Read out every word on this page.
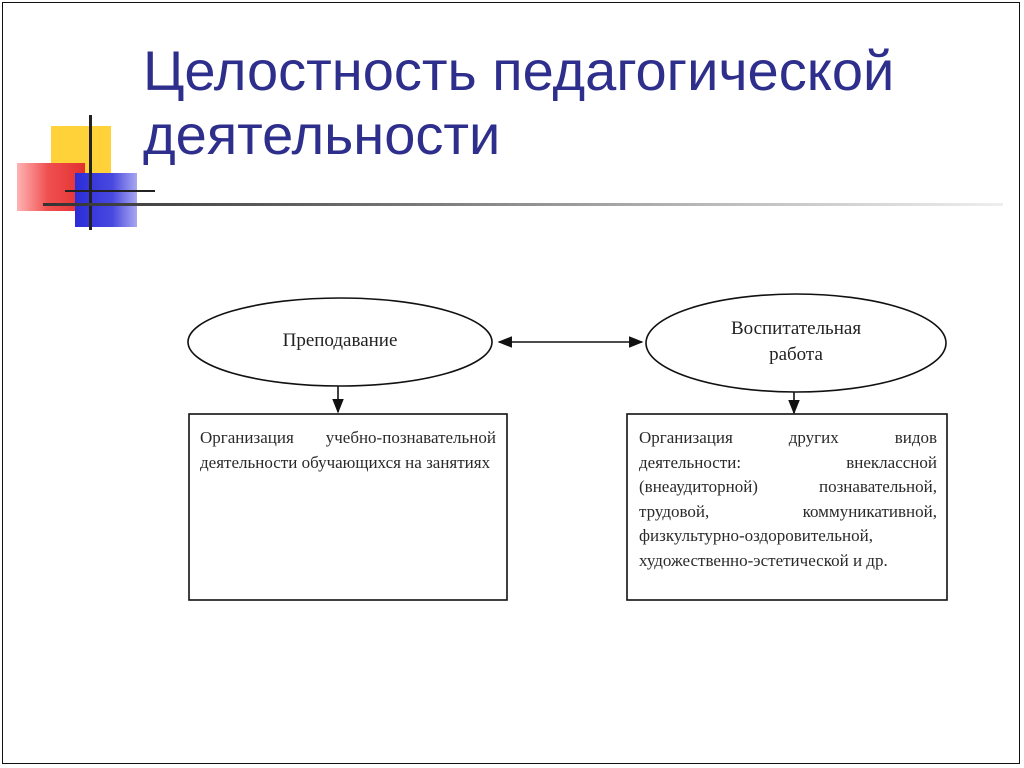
Целостность педагогической
деятельности
Преподавание
Воспитательная
работа
Организация учебно-познавательной деятельности обучающихся на занятиях
Организация других видов деятельности: внеклассной (внеаудиторной) познавательной, трудовой, коммуникативной, физкультурно-оздоровительной, художественно-эстетической и др.
